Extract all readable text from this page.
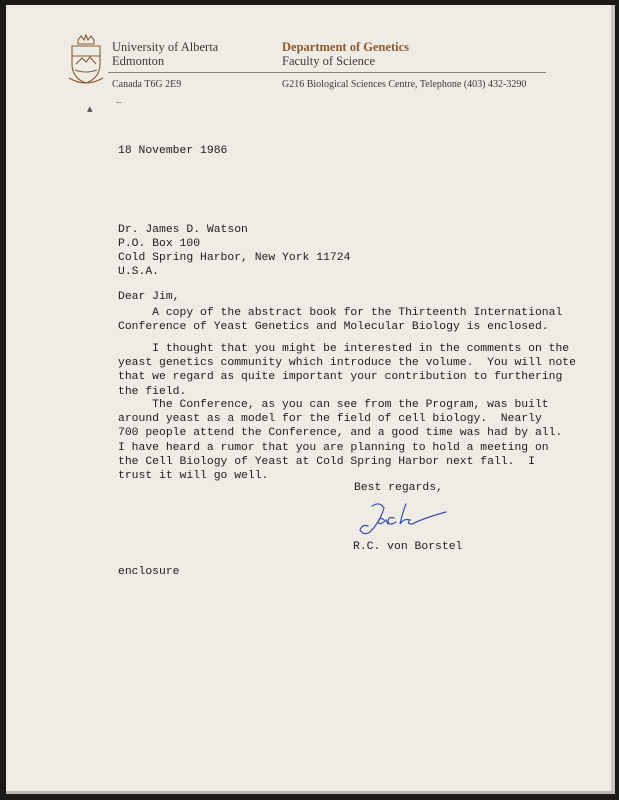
University of Alberta
Edmonton
Canada T6G 2E9
Department of Genetics
Faculty of Science
G216 Biological Sciences Centre, Telephone (403) 432-3290
▴
–
18 November 1986
Dr. James D. Watson
P.O. Box 100
Cold Spring Harbor, New York 11724
U.S.A.
Dear Jim,
A copy of the abstract book for the Thirteenth International
Conference of Yeast Genetics and Molecular Biology is enclosed.
I thought that you might be interested in the comments on the
yeast genetics community which introduce the volume.  You will note
that we regard as quite important your contribution to furthering
the field.
The Conference, as you can see from the Program, was built
around yeast as a model for the field of cell biology.  Nearly
700 people attend the Conference, and a good time was had by all.
I have heard a rumor that you are planning to hold a meeting on
the Cell Biology of Yeast at Cold Spring Harbor next fall.  I
trust it will go well.
Best regards,
R.C. von Borstel
enclosure
